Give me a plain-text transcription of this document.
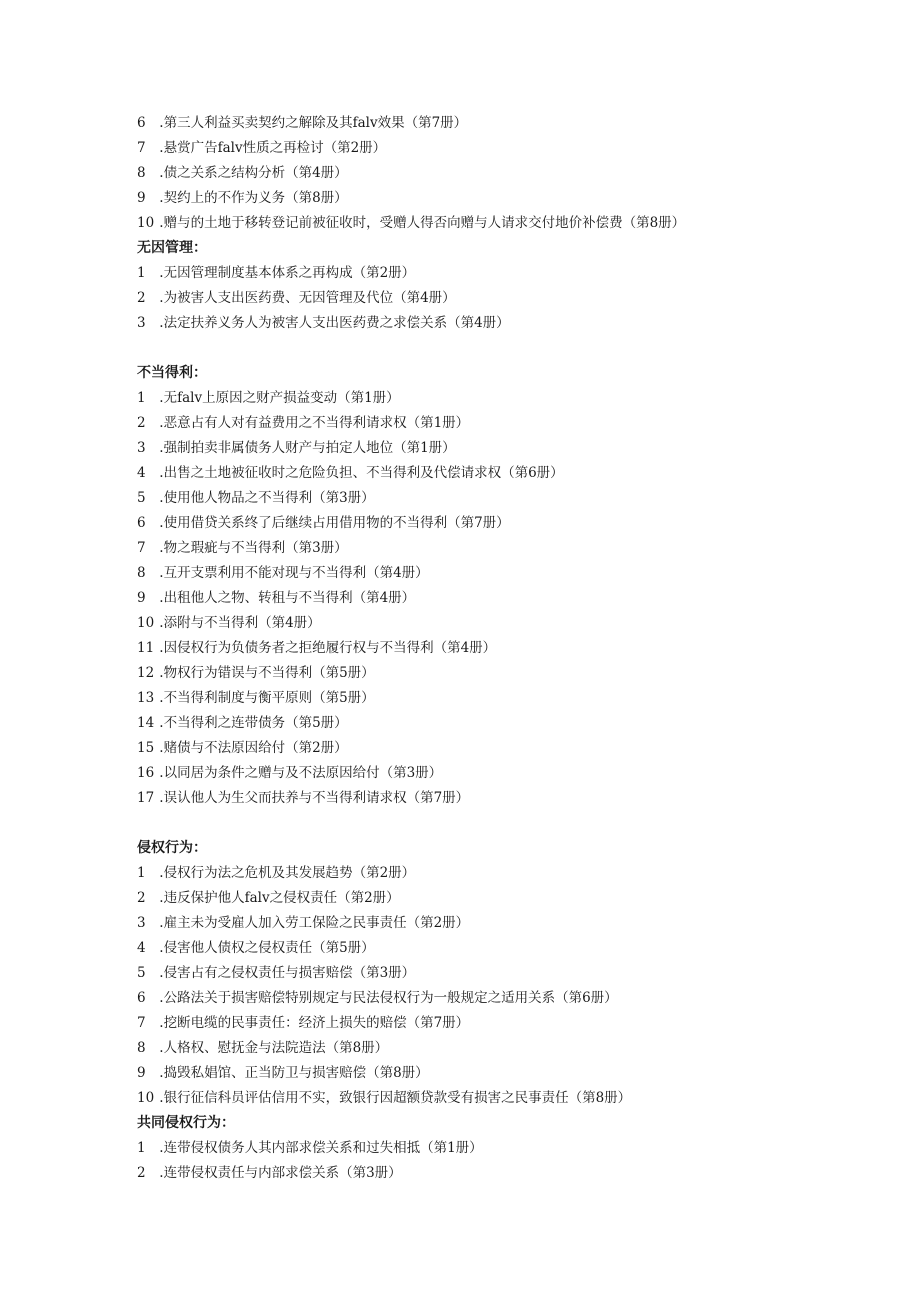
6 .第三人利益买卖契约之解除及其falv效果（第7册）
7 .悬赏广告falv性质之再检讨（第2册）
8 .债之关系之结构分析（第4册）
9 .契约上的不作为义务（第8册）
10 .赠与的土地于移转登记前被征收时，受赠人得否向赠与人请求交付地价补偿费（第8册）
无因管理：
1 .无因管理制度基本体系之再构成（第2册）
2 .为被害人支出医药费、无因管理及代位（第4册）
3 .法定扶养义务人为被害人支出医药费之求偿关系（第4册）
不当得利：
1 .无falv上原因之财产损益变动（第1册）
2 .恶意占有人对有益费用之不当得利请求权（第1册）
3 .强制拍卖非属债务人财产与拍定人地位（第1册）
4 .出售之土地被征收时之危险负担、不当得利及代偿请求权（第6册）
5 .使用他人物品之不当得利（第3册）
6 .使用借贷关系终了后继续占用借用物的不当得利（第7册）
7 .物之瑕疵与不当得利（第3册）
8 .互开支票利用不能对现与不当得利（第4册）
9 .出租他人之物、转租与不当得利（第4册）
10 .添附与不当得利（第4册）
11 .因侵权行为负债务者之拒绝履行权与不当得利（第4册）
12 .物权行为错误与不当得利（第5册）
13 .不当得利制度与衡平原则（第5册）
14 .不当得利之连带债务（第5册）
15 .赌债与不法原因给付（第2册）
16 .以同居为条件之赠与及不法原因给付（第3册）
17 .误认他人为生父而扶养与不当得利请求权（第7册）
侵权行为：
1 .侵权行为法之危机及其发展趋势（第2册）
2 .违反保护他人falv之侵权责任（第2册）
3 .雇主未为受雇人加入劳工保险之民事责任（第2册）
4 .侵害他人债权之侵权责任（第5册）
5 .侵害占有之侵权责任与损害赔偿（第3册）
6 .公路法关于损害赔偿特别规定与民法侵权行为一般规定之适用关系（第6册）
7 .挖断电缆的民事责任：经济上损失的赔偿（第7册）
8 .人格权、慰抚金与法院造法（第8册）
9 .捣毁私娼馆、正当防卫与损害赔偿（第8册）
10 .银行征信科员评估信用不实，致银行因超额贷款受有损害之民事责任（第8册）
共同侵权行为：
1 .连带侵权债务人其内部求偿关系和过失相抵（第1册）
2 .连带侵权责任与内部求偿关系（第3册）
